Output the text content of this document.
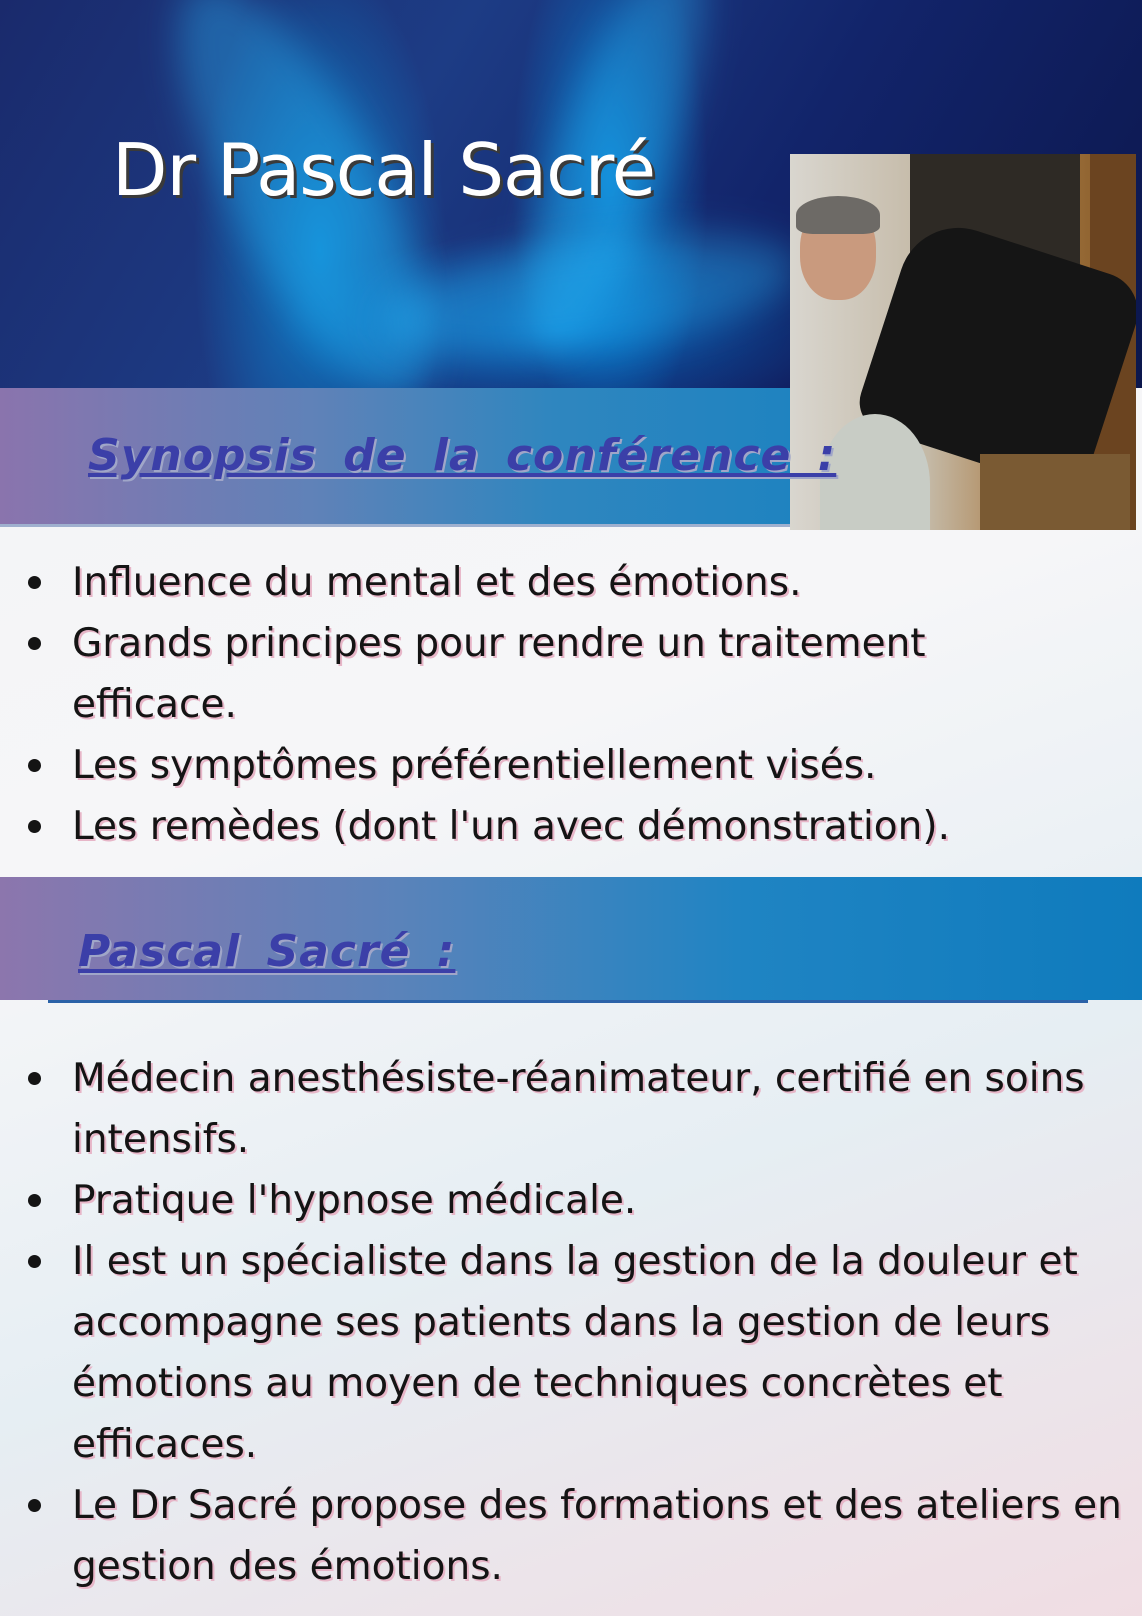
Dr Pascal Sacré
Synopsis de la conférence :
Influence du mental et des émotions.
Grands principes pour rendre un traitement efficace.
Les symptômes préférentiellement visés.
Les remèdes (dont l'un avec démonstration).
Pascal Sacré :
Médecin anesthésiste-réanimateur, certifié en soins intensifs.
Pratique l'hypnose médicale.
Il est un spécialiste dans la gestion de la douleur et accompagne ses patients dans la gestion de leurs émotions au moyen de techniques concrètes et efficaces.
Le Dr Sacré propose des formations et des ateliers en gestion des émotions.
